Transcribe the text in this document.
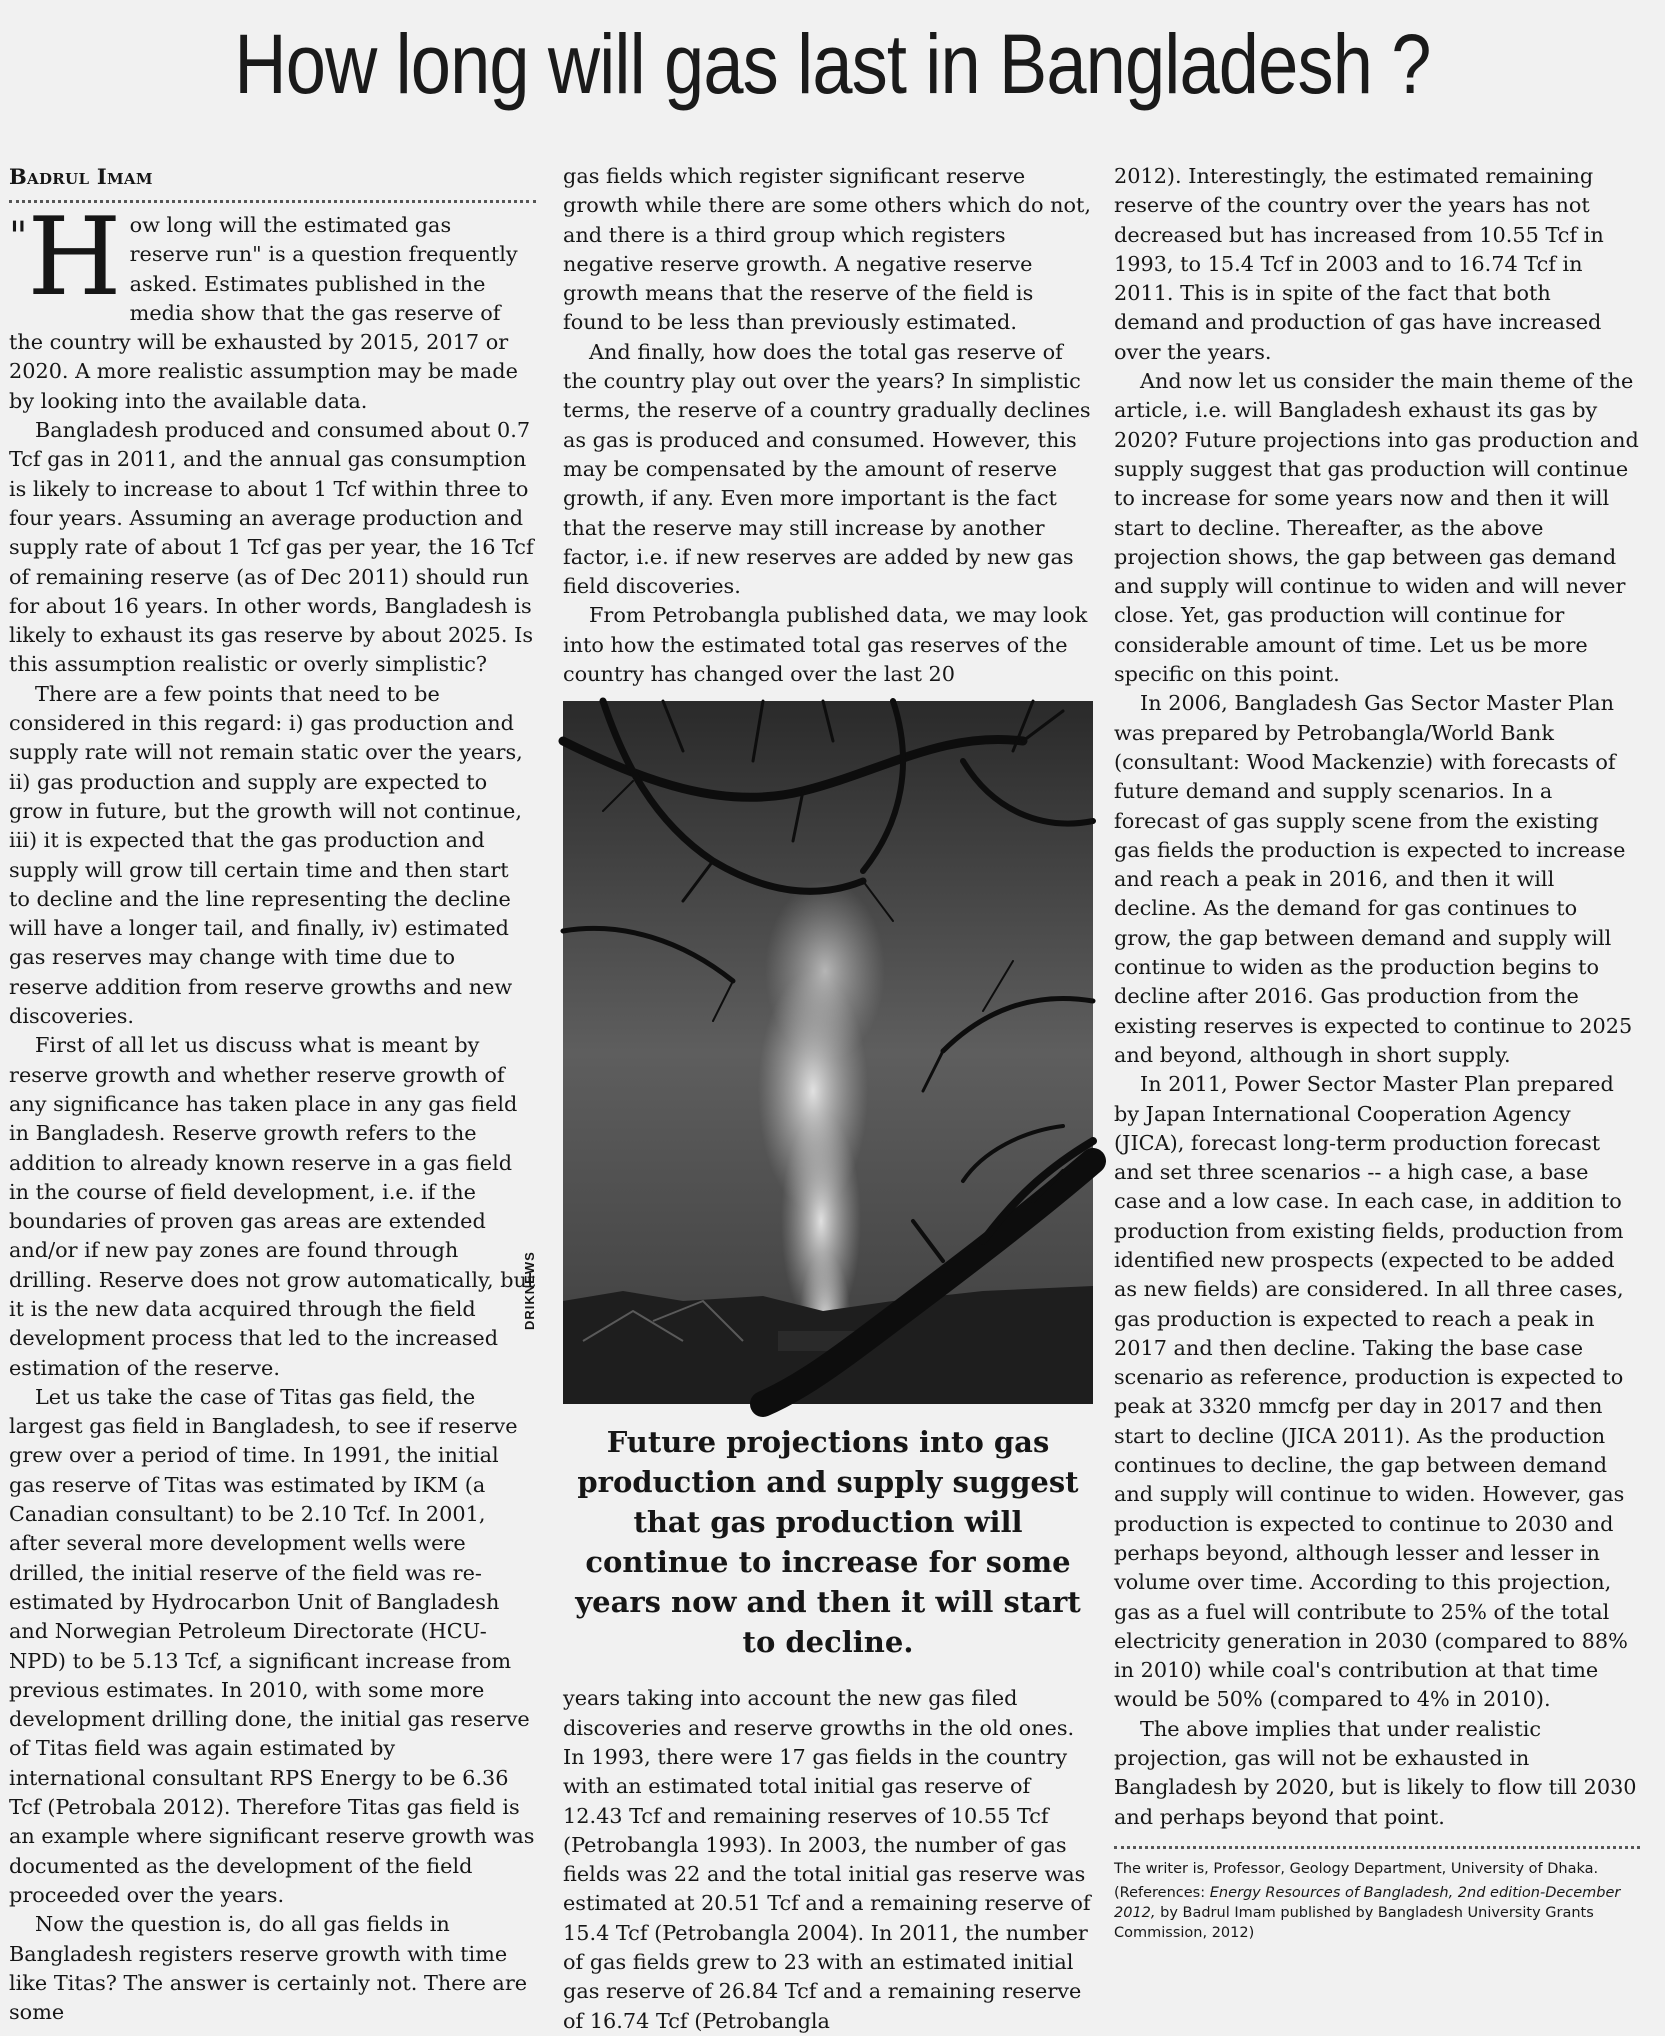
How long will gas last in Bangladesh ?
Badrul Imam

"H ow long will the estimated gas reserve run" is a question frequently asked. Estimates published in the media show that the gas reserve of the country will be exhausted by 2015, 2017 or 2020. A more realistic assumption may be made by looking into the available data.

Bangladesh produced and consumed about 0.7 Tcf gas in 2011, and the annual gas consumption is likely to increase to about 1 Tcf within three to four years. Assuming an average production and supply rate of about 1 Tcf gas per year, the 16 Tcf of remaining reserve (as of Dec 2011) should run for about 16 years. In other words, Bangladesh is likely to exhaust its gas reserve by about 2025. Is this assumption realistic or overly simplistic?

There are a few points that need to be considered in this regard: i) gas production and supply rate will not remain static over the years, ii) gas production and supply are expected to grow in future, but the growth will not continue, iii) it is expected that the gas production and supply will grow till certain time and then start to decline and the line representing the decline will have a longer tail, and finally, iv) estimated gas reserves may change with time due to reserve addition from reserve growths and new discoveries.

First of all let us discuss what is meant by reserve growth and whether reserve growth of any significance has taken place in any gas field in Bangladesh. Reserve growth refers to the addition to already known reserve in a gas field in the course of field development, i.e. if the boundaries of proven gas areas are extended and/or if new pay zones are found through drilling. Reserve does not grow automatically, but it is the new data acquired through the field development process that led to the increased estimation of the reserve.

Let us take the case of Titas gas field, the largest gas field in Bangladesh, to see if reserve grew over a period of time. In 1991, the initial gas reserve of Titas was estimated by IKM (a Canadian consultant) to be 2.10 Tcf. In 2001, after several more development wells were drilled, the initial reserve of the field was re-estimated by Hydrocarbon Unit of Bangladesh and Norwegian Petroleum Directorate (HCU-NPD) to be 5.13 Tcf, a significant increase from previous estimates. In 2010, with some more development drilling done, the initial gas reserve of Titas field was again estimated by international consultant RPS Energy to be 6.36 Tcf (Petrobala 2012). Therefore Titas gas field is an example where significant reserve growth was documented as the development of the field proceeded over the years.

Now the question is, do all gas fields in Bangladesh registers reserve growth with time like Titas? The answer is certainly not. There are some

gas fields which register significant reserve growth while there are some others which do not, and there is a third group which registers negative reserve growth. A negative reserve growth means that the reserve of the field is found to be less than previously estimated.

And finally, how does the total gas reserve of the country play out over the years? In simplistic terms, the reserve of a country gradually declines as gas is produced and consumed. However, this may be compensated by the amount of reserve growth, if any. Even more important is the fact that the reserve may still increase by another factor, i.e. if new reserves are added by new gas field discoveries.

From Petrobangla published data, we may look into how the estimated total gas reserves of the country has changed over the last 20

Future projections into gas production and supply suggest that gas production will continue to increase for some years now and then it will start to decline.

years taking into account the new gas filed discoveries and reserve growths in the old ones. In 1993, there were 17 gas fields in the country with an estimated total initial gas reserve of 12.43 Tcf and remaining reserves of 10.55 Tcf (Petrobangla 1993). In 2003, the number of gas fields was 22 and the total initial gas reserve was estimated at 20.51 Tcf and a remaining reserve of 15.4 Tcf (Petrobangla 2004). In 2011, the number of gas fields grew to 23 with an estimated initial gas reserve of 26.84 Tcf and a remaining reserve of 16.74 Tcf (Petrobangla

DRIKNEWS

2012). Interestingly, the estimated remaining reserve of the country over the years has not decreased but has increased from 10.55 Tcf in 1993, to 15.4 Tcf in 2003 and to 16.74 Tcf in 2011. This is in spite of the fact that both demand and production of gas have increased over the years.

And now let us consider the main theme of the article, i.e. will Bangladesh exhaust its gas by 2020? Future projections into gas production and supply suggest that gas production will continue to increase for some years now and then it will start to decline. Thereafter, as the above projection shows, the gap between gas demand and supply will continue to widen and will never close. Yet, gas production will continue for considerable amount of time. Let us be more specific on this point.

In 2006, Bangladesh Gas Sector Master Plan was prepared by Petrobangla/World Bank (consultant: Wood Mackenzie) with forecasts of future demand and supply scenarios. In a forecast of gas supply scene from the existing gas fields the production is expected to increase and reach a peak in 2016, and then it will decline. As the demand for gas continues to grow, the gap between demand and supply will continue to widen as the production begins to decline after 2016. Gas production from the existing reserves is expected to continue to 2025 and beyond, although in short supply.

In 2011, Power Sector Master Plan prepared by Japan International Cooperation Agency (JICA), forecast long-term production forecast and set three scenarios -- a high case, a base case and a low case. In each case, in addition to production from existing fields, production from identified new prospects (expected to be added as new fields) are considered. In all three cases, gas production is expected to reach a peak in 2017 and then decline. Taking the base case scenario as reference, production is expected to peak at 3320 mmcfg per day in 2017 and then start to decline (JICA 2011). As the production continues to decline, the gap between demand and supply will continue to widen. However, gas production is expected to continue to 2030 and perhaps beyond, although lesser and lesser in volume over time. According to this projection, gas as a fuel will contribute to 25% of the total electricity generation in 2030 (compared to 88% in 2010) while coal's contribution at that time would be 50% (compared to 4% in 2010).

The above implies that under realistic projection, gas will not be exhausted in Bangladesh by 2020, but is likely to flow till 2030 and perhaps beyond that point.

The writer is, Professor, Geology Department, University of Dhaka.

(References: Energy Resources of Bangladesh, 2nd edition-December 2012, by Badrul Imam published by Bangladesh University Grants Commission, 2012)
